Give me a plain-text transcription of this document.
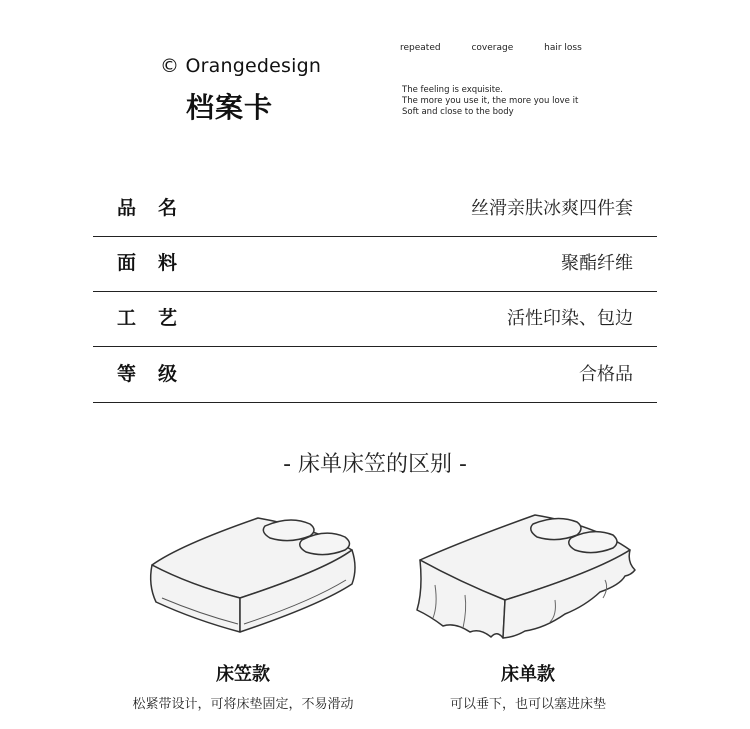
© Orangedesign
档案卡
repeated	coverage	hair loss
The feeling is exquisite.
The more you use it, the more you love it
Soft and close to the body
品名	丝滑亲肤冰爽四件套
面料	聚酯纤维
工艺	活性印染、包边
等级	合格品
- 床单床笠的区别 -
床笠款
松紧带设计，可将床垫固定，不易滑动
床单款
可以垂下，也可以塞进床垫
